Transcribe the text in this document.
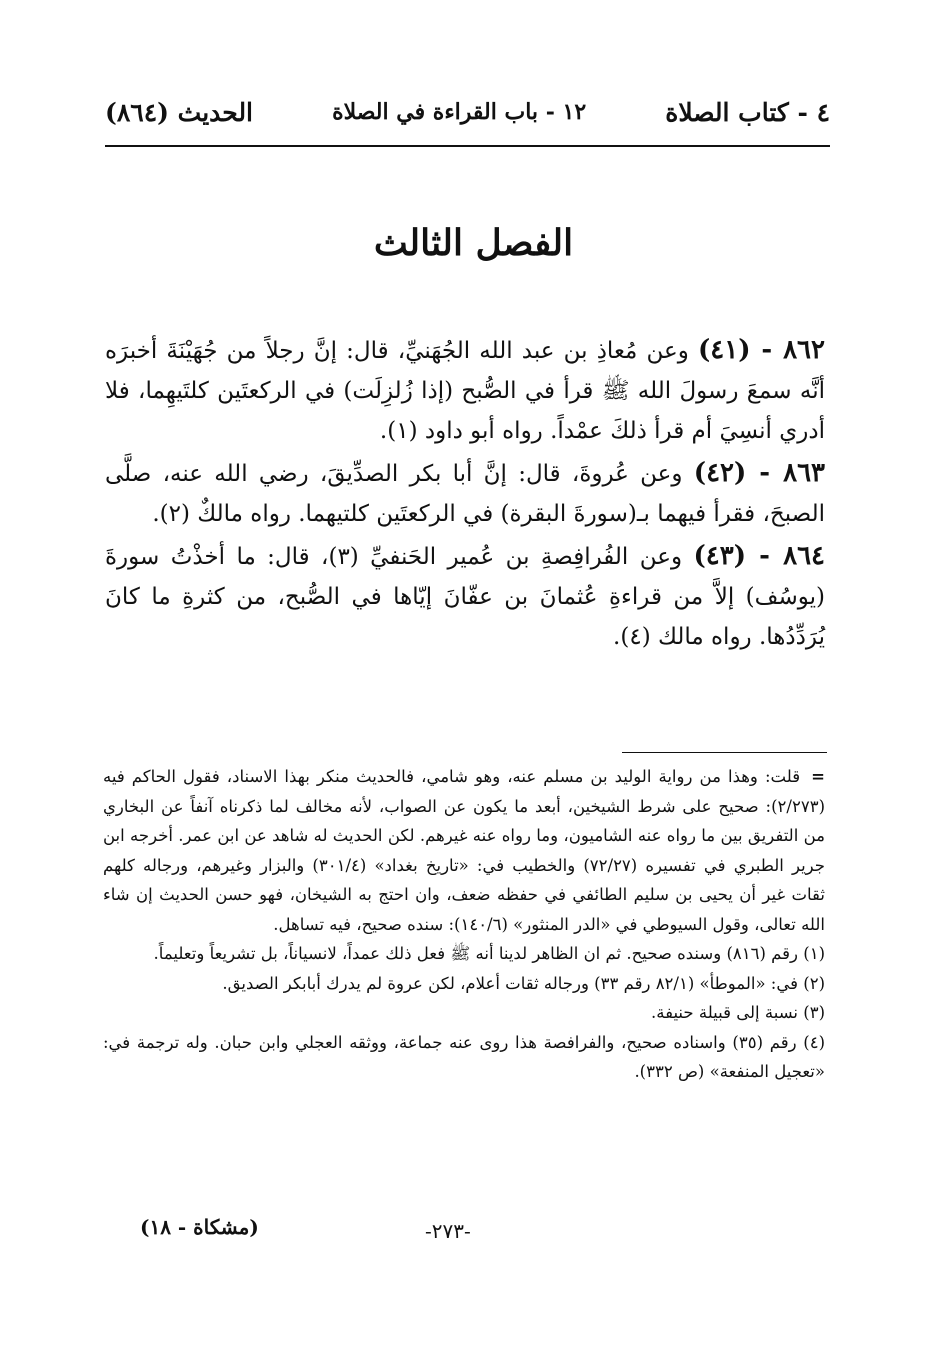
٤ - كتاب الصلاة
١٢ - باب القراءة في الصلاة
الحديث (٨٦٤)
الفصل الثالث

٨٦٢ - (٤١) وعن مُعاذِ بن عبد الله الجُهَنيِّ، قال: إنَّ رجلاً من جُهَيْنَةَ أخبرَه أنَّه سمعَ رسولَ الله ﷺ قرأ في الصُّبح (إذا زُلزِلَت) في الركعتَين كلتَيهِما، فلا أدري أنسِيَ أم قرأ ذلكَ عمْداً. رواه أبو داود (١).

٨٦٣ - (٤٢) وعن عُروةَ، قال: إنَّ أبا بكر الصدِّيقَ، رضي الله عنه، صلَّى الصبحَ، فقرأ فيهما بـ(سورةَ البقرة) في الركعتَين كلتيهما. رواه مالكٌ (٢).

٨٦٤ - (٤٣) وعن الفُرافِصةِ بن عُمير الحَنفيِّ (٣)، قال: ما أخذْتُ سورةَ (يوسُف) إلاَّ من قراءةِ عُثمانَ بن عفّانَ إيّاها في الصُّبح، من كثرةِ ما كانَ يُرَدِّدُها. رواه مالك (٤).

= قلت: وهذا من رواية الوليد بن مسلم عنه، وهو شامي، فالحديث منكر بهذا الاسناد، فقول الحاكم فيه (٢/٢٧٣): صحيح على شرط الشيخين، أبعد ما يكون عن الصواب، لأنه مخالف لما ذكرناه آنفاً عن البخاري من التفريق بين ما رواه عنه الشاميون، وما رواه عنه غيرهم. لكن الحديث له شاهد عن ابن عمر. أخرجه ابن جرير الطبري في تفسيره (٧٢/٢٧) والخطيب في: «تاريخ بغداد» (٣٠١/٤) والبزار وغيرهم، ورجاله كلهم ثقات غير أن يحيى بن سليم الطائفي في حفظه ضعف، وان احتج به الشيخان، فهو حسن الحديث إن شاء الله تعالى، وقول السيوطي في «الدر المنثور» (١٤٠/٦): سنده صحيح، فيه تساهل.

(١) رقم (٨١٦) وسنده صحيح. ثم ان الظاهر لدينا أنه ﷺ فعل ذلك عمداً، لانسياناً، بل تشريعاً وتعليماً.

(٢) في: «الموطأ» (٨٢/١ رقم ٣٣) ورجاله ثقات أعلام، لكن عروة لم يدرك أبابكر الصديق.

(٣) نسبة إلى قبيلة حنيفة.

(٤) رقم (٣٥) واسناده صحيح، والفرافصة هذا روى عنه جماعة، ووثقه العجلي وابن حبان. وله ترجمة في: «تعجيل المنفعة» (ص ٣٣٢).

(مشكاة - ١٨)	-٢٧٣-
